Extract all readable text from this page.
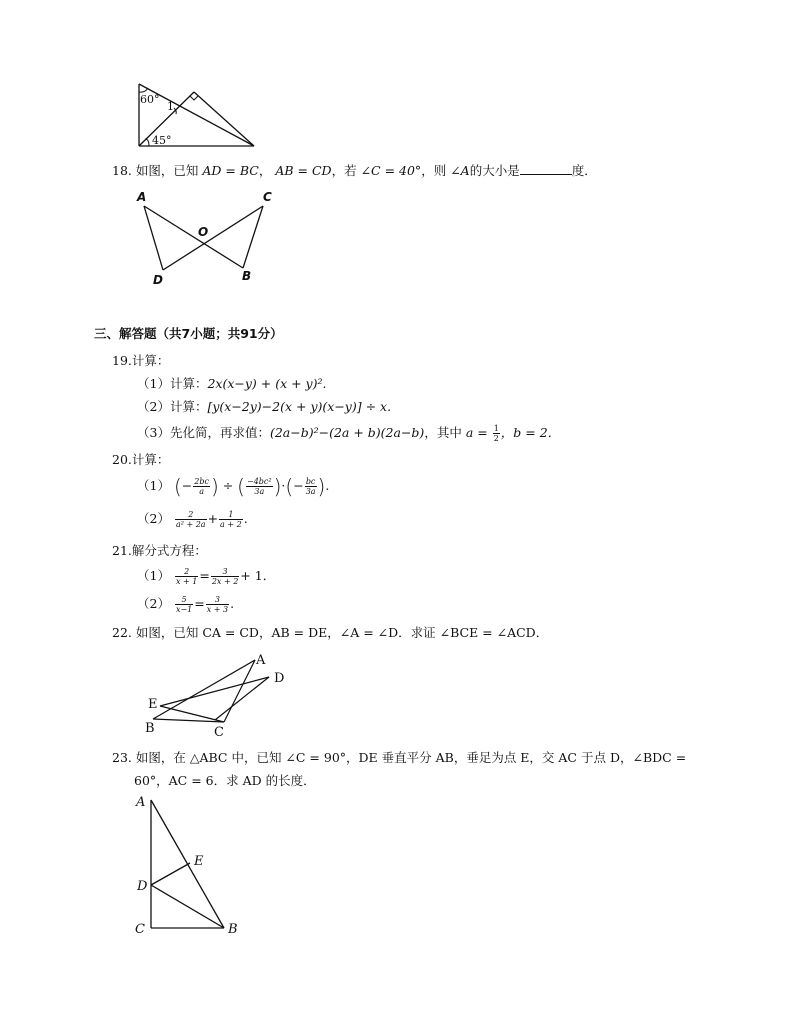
60°
1
45°
18. 如图，已知 AD = BC， AB = CD，若 ∠C = 40°，则 ∠A的大小是	度．
A	C
O
D	B
三、解答题（共7小题；共91分）
19.计算：
（1）计算：2x(x−y) + (x + y)².
（2）计算：[y(x−2y)−2(x + y)(x−y)] ÷ x.
（3）先化简，再求值：(2a−b)²−(2a + b)(2a−b)，其中 $a = \frac{1}{2}$ ，b = 2．
20.计算：
（1） (− $\frac{2bc}{a}$ ) ÷ ( $\frac{\text{−4bc²}}{3a}$ )·(− $\frac{bc}{3a}$ ).
$(2) \frac{2}{\text{a² + 2a}} + \frac{1}{a + 2}$ .
21.解分式方程：
$(1) \frac{2}{x + 1} = \frac{3}{2x + 2} + 1$．
$(2) \frac{5}{x-1} = \frac{3}{x + 3}$ .
22. 如图，已知 CA = CD，AB = DE，∠A = ∠D．求证 ∠BCE = ∠ACD．
A
D
E
B	C
23. 如图，在 △ABC 中，已知 ∠C = 90°，DE 垂直平分 AB，垂足为点 E，交 AC 于点 D，∠BDC =
60°，AC = 6．求 AD 的长度．
A
E
D
C	B
